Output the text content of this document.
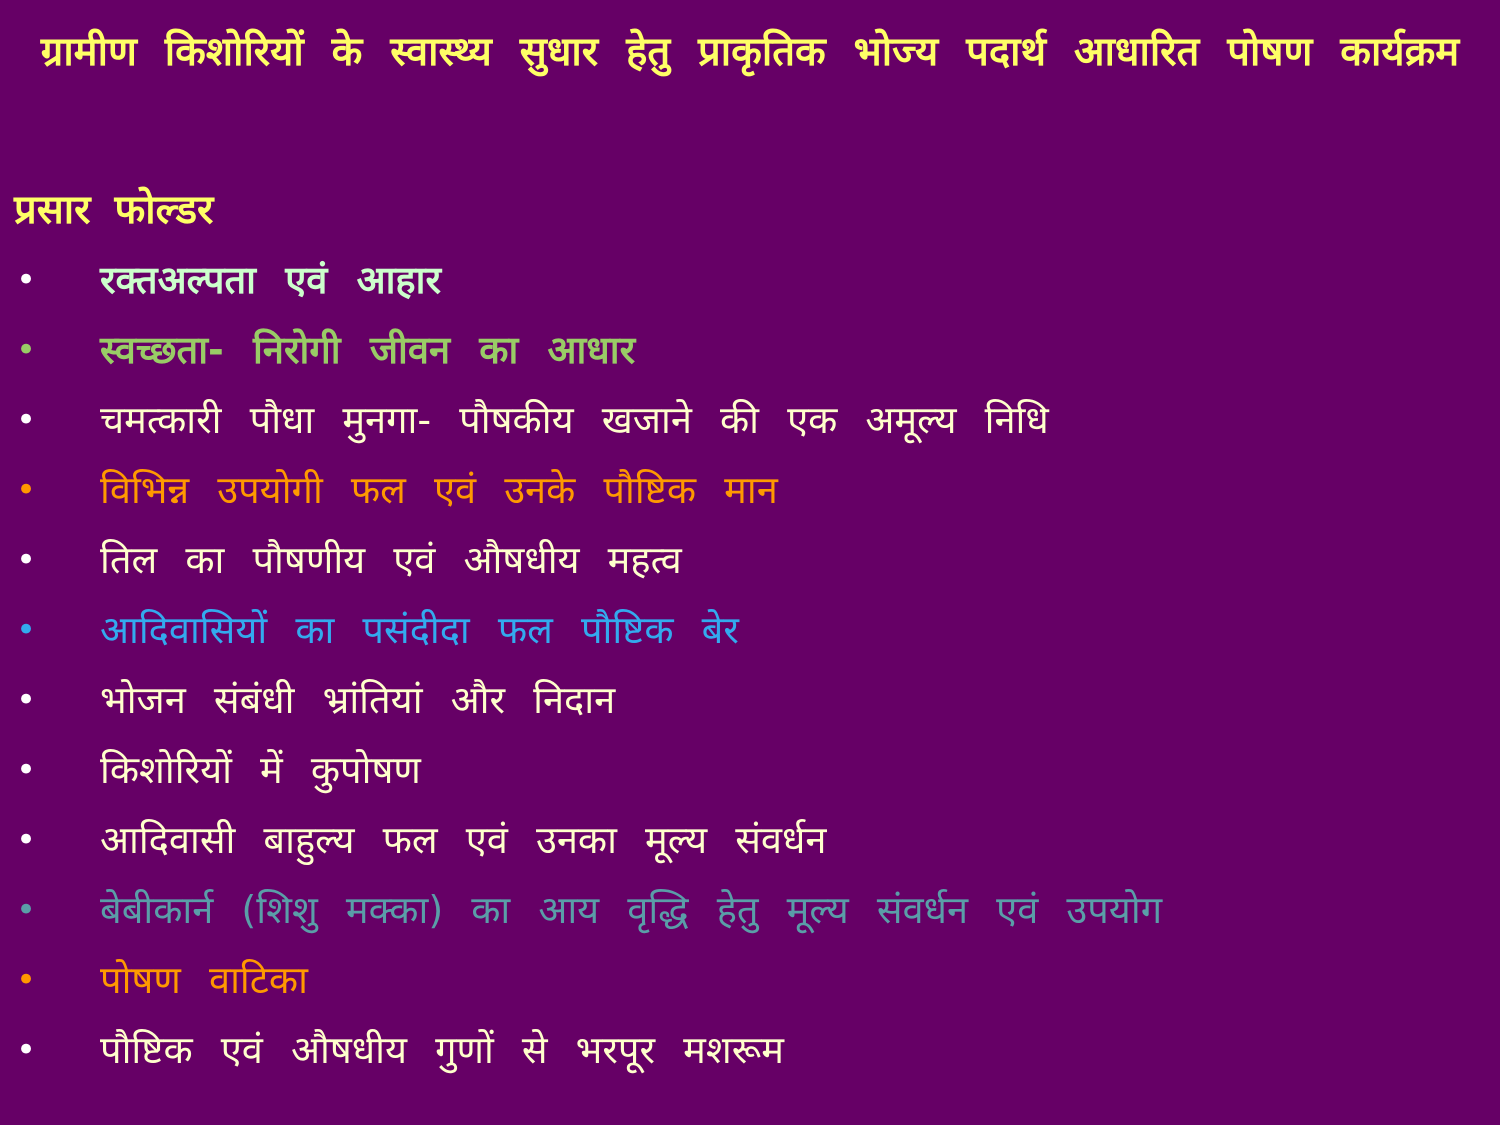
ग्रामीण किशोरियों के स्वास्थ्य सुधार हेतु प्राकृतिक भोज्य पदार्थ आधारित पोषण कार्यक्रम
प्रसार फोल्डर
• रक्तअल्पता एवं आहार
• स्वच्छता- निरोगी जीवन का आधार
• चमत्कारी पौधा मुनगा- पौषकीय खजाने की एक अमूल्य निधि
• विभिन्न उपयोगी फल एवं उनके पौष्टिक मान
• तिल का पौषणीय एवं औषधीय महत्व
• आदिवासियों का पसंदीदा फल पौष्टिक बेर
• भोजन संबंधी भ्रांतियां और निदान
• किशोरियों में कुपोषण
• आदिवासी बाहुल्य फल एवं उनका मूल्य संवर्धन
• बेबीकार्न (शिशु मक्का) का आय वृद्धि हेतु मूल्य संवर्धन एवं उपयोग
• पोषण वाटिका
• पौष्टिक एवं औषधीय गुणों से भरपूर मशरूम
